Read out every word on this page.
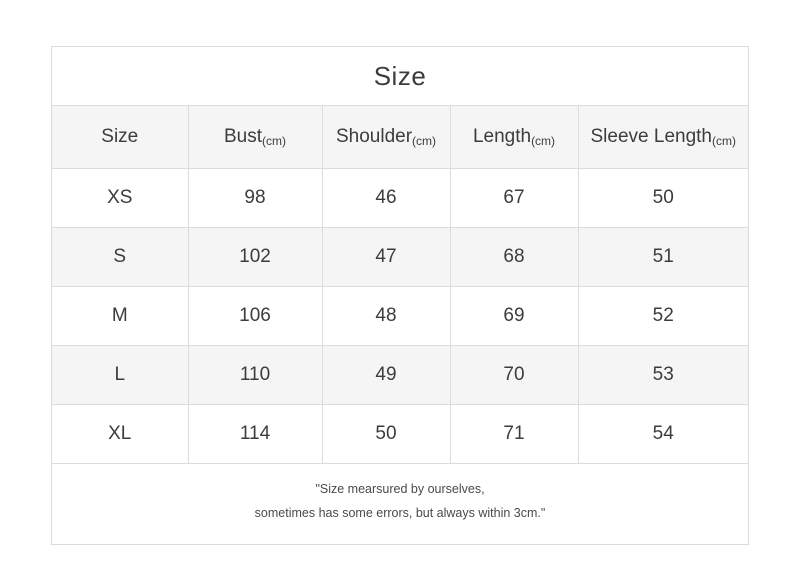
Size
Size	Bust(cm)	Shoulder(cm)	Length(cm)	Sleeve Length(cm)
XS	98	46	67	50
S	102	47	68	51
M	106	48	69	52
L	110	49	70	53
XL	114	50	71	54
"Size mearsured by ourselves,
sometimes has some errors, but always within 3cm."
